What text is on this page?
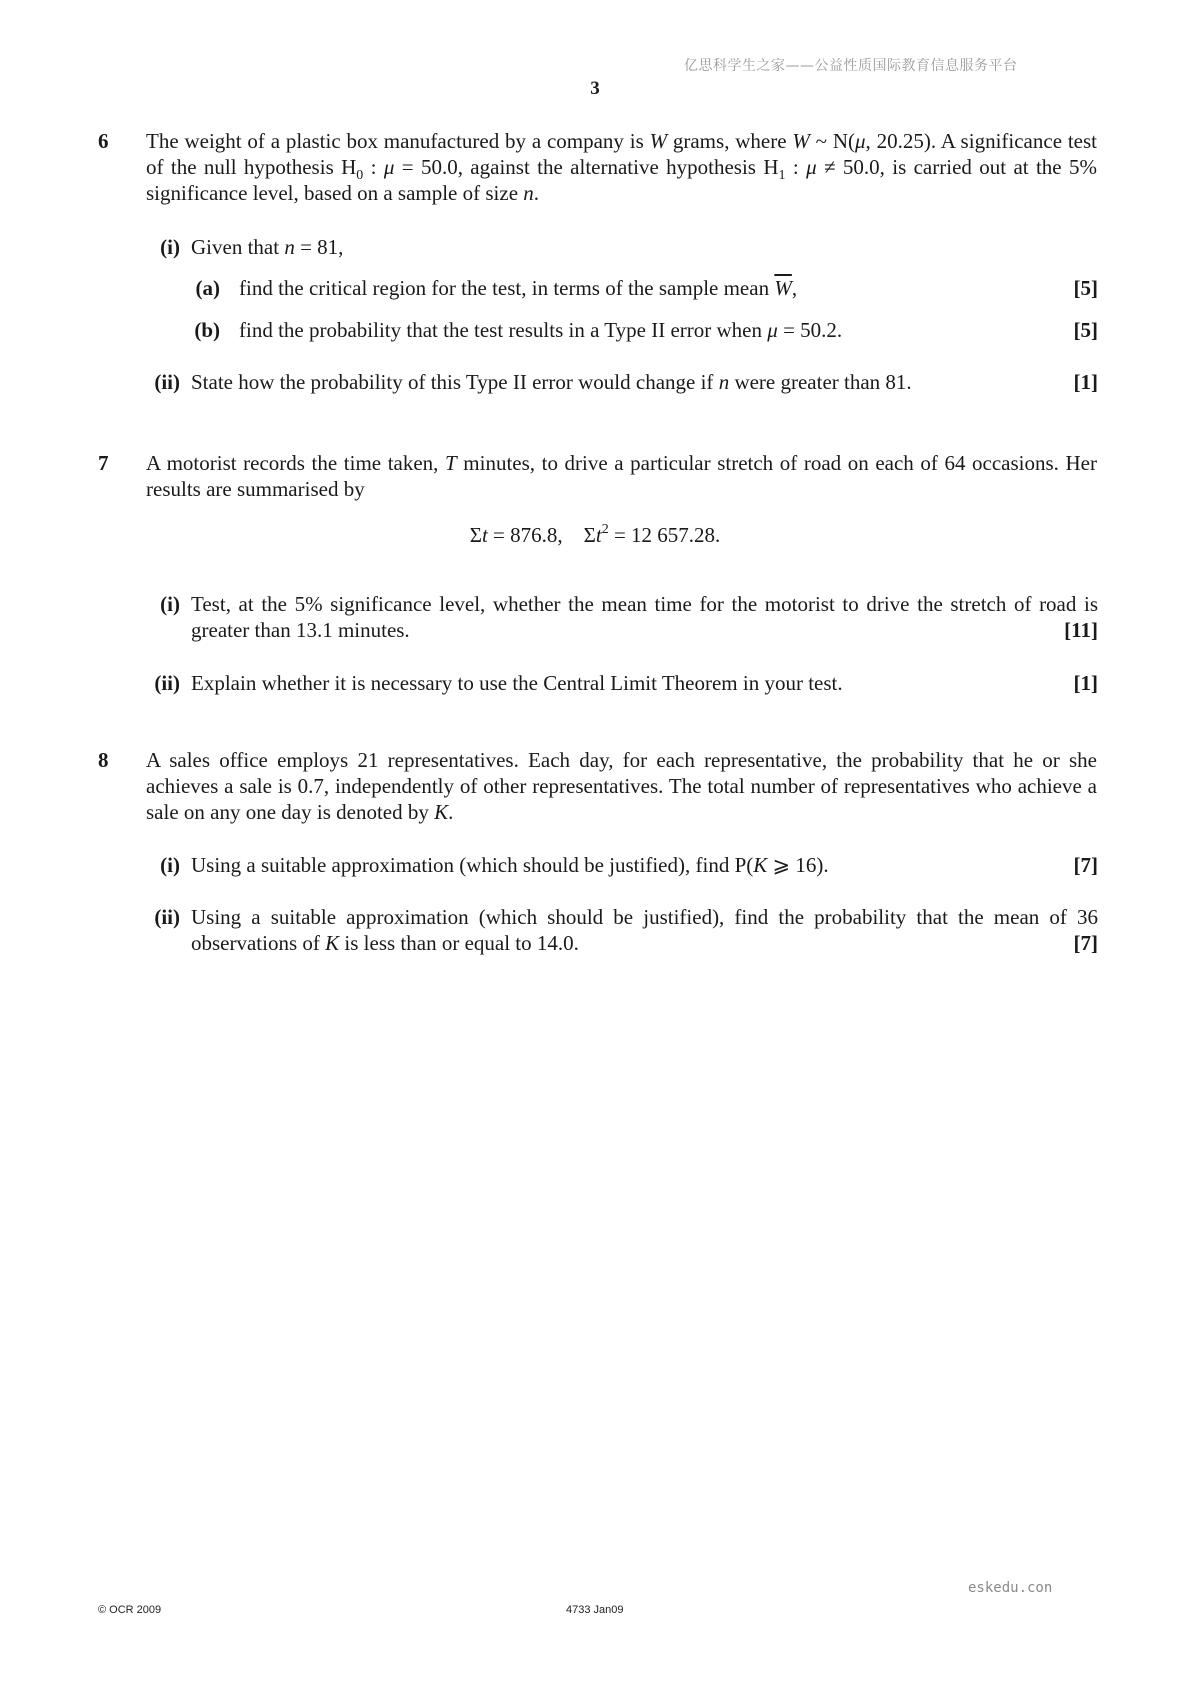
亿思科学生之家——公益性质国际教育信息服务平台
3
6 The weight of a plastic box manufactured by a company is W grams, where W ~ N(μ, 20.25). A significance test of the null hypothesis $H_0$ : μ = 50.0, against the alternative hypothesis $H_1$ : μ ≠ 50.0, is carried out at the 5% significance level, based on a sample of size n.
(i) Given that n = 81,
(a) find the critical region for the test, in terms of the sample mean $\overline{W}$,	[5]
(b) find the probability that the test results in a Type II error when μ = 50.2.	[5]
(ii) State how the probability of this Type II error would change if n were greater than 81.	[1]
7 A motorist records the time taken, T minutes, to drive a particular stretch of road on each of 64 occasions. Her results are summarised by
Σt = 876.8,    $\Sigma t^2 = 12$ 657.28.
(i) Test, at the 5% significance level, whether the mean time for the motorist to drive the stretch of road is greater than 13.1 minutes.	[11]
(ii) Explain whether it is necessary to use the Central Limit Theorem in your test.	[1]
8 A sales office employs 21 representatives. Each day, for each representative, the probability that he or she achieves a sale is 0.7, independently of other representatives. The total number of representatives who achieve a sale on any one day is denoted by K.
(i) Using a suitable approximation (which should be justified), find P(K ⩾ 16).	[7]
(ii) Using a suitable approximation (which should be justified), find the probability that the mean of 36 observations of K is less than or equal to 14.0.	[7]
eskedu.con
© OCR 2009	4733 Jan09
